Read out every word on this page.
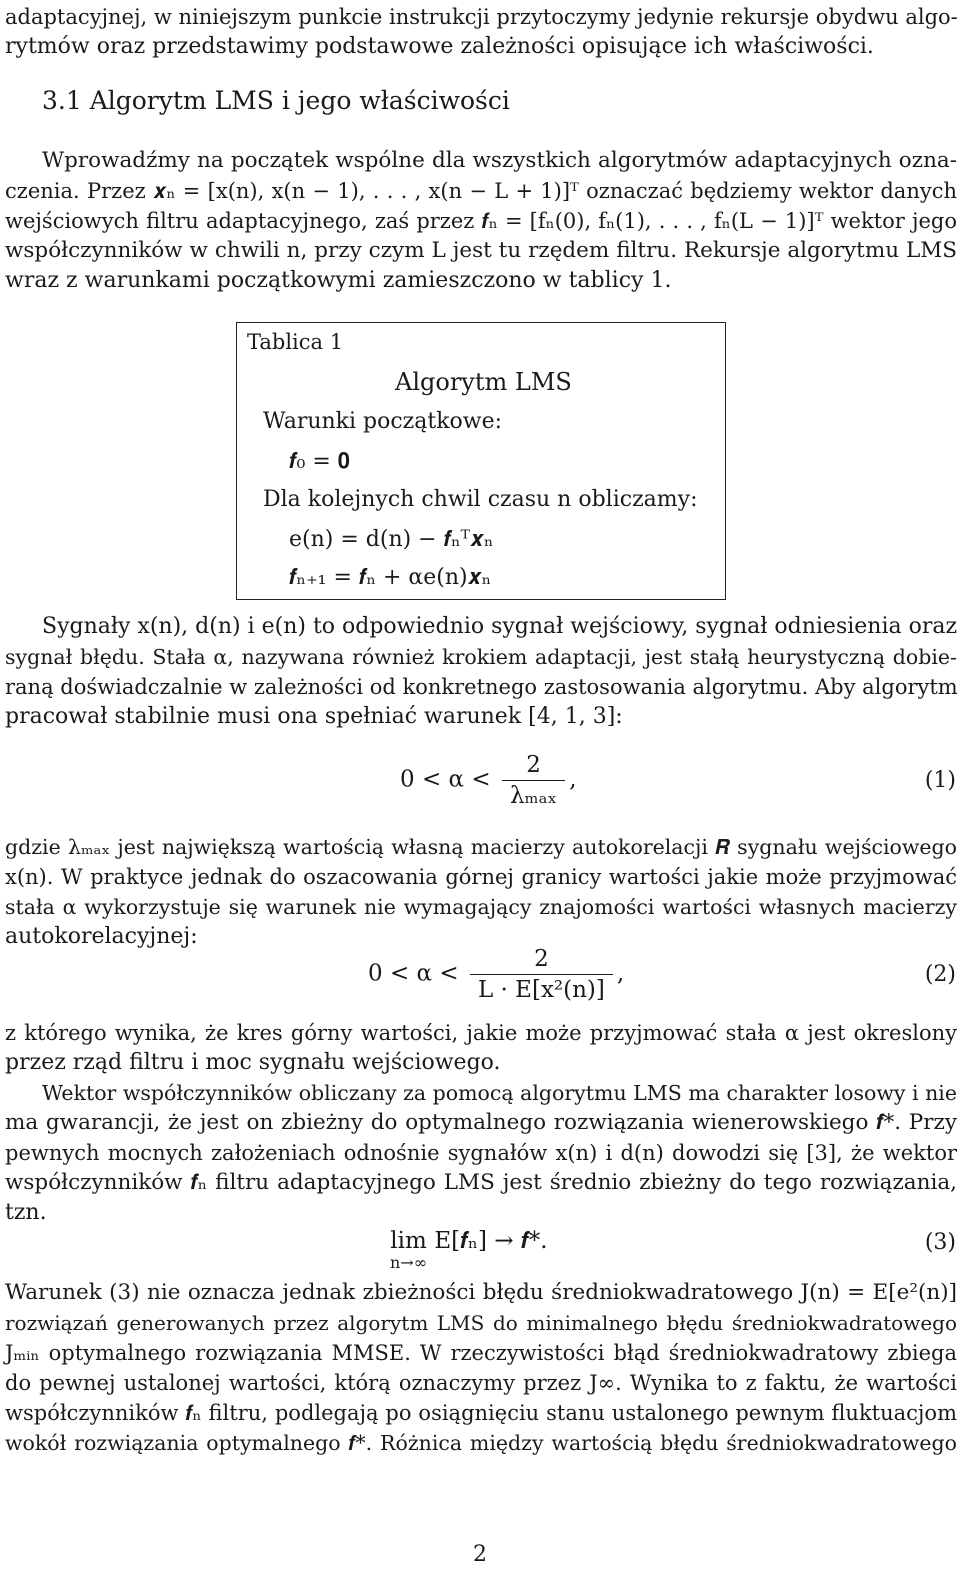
adaptacyjnej, w niniejszym punkcie instrukcji przytoczymy jedynie rekursje obydwu algo-
rytmów oraz przedstawimy podstawowe zależności opisujące ich właściwości.
3.1 Algorytm LMS i jego właściwości
Wprowadźmy na początek wspólne dla wszystkich algorytmów adaptacyjnych ozna-
czenia. Przez 𝒙ₙ = [x(n), x(n − 1), . . . , x(n − L + 1)]ᵀ oznaczać będziemy wektor danych
wejściowych filtru adaptacyjnego, zaś przez 𝒇ₙ = [fₙ(0), fₙ(1), . . . , fₙ(L − 1)]ᵀ wektor jego
współczynników w chwili n, przy czym L jest tu rzędem filtru. Rekursje algorytmu LMS
wraz z warunkami początkowymi zamieszczono w tablicy 1.
Tablica 1
Algorytm LMS
Warunki początkowe:
𝒇₀ = 𝟎
Dla kolejnych chwil czasu n obliczamy:
e(n) = d(n) − 𝒇ₙᵀ𝒙ₙ
𝒇ₙ₊₁ = 𝒇ₙ + αe(n)𝒙ₙ
Sygnały x(n), d(n) i e(n) to odpowiednio sygnał wejściowy, sygnał odniesienia oraz
sygnał błędu. Stała α, nazywana również krokiem adaptacji, jest stałą heurystyczną dobie-
raną doświadczalnie w zależności od konkretnego zastosowania algorytmu. Aby algorytm
pracował stabilnie musi ona spełniać warunek [4, 1, 3]:
$0 < \alpha < \frac{2}{\text{λₘₐₓ}}$ ,	(1)
gdzie λₘₐₓ jest największą wartością własną macierzy autokorelacji 𝑹 sygnału wejściowego
x(n). W praktyce jednak do oszacowania górnej granicy wartości jakie może przyjmować
stała α wykorzystuje się warunek nie wymagający znajomości wartości własnych macierzy
autokorelacyjnej:
$0 < \alpha < \frac{2}{\text{L · E[x²(n)]}}$ ,	(2)
z którego wynika, że kres górny wartości, jakie może przyjmować stała α jest okreslony
przez rząd filtru i moc sygnału wejściowego.
Wektor współczynników obliczany za pomocą algorytmu LMS ma charakter losowy i nie
ma gwarancji, że jest on zbieżny do optymalnego rozwiązania wienerowskiego 𝒇*. Przy
pewnych mocnych założeniach odnośnie sygnałów x(n) i d(n) dowodzi się [3], że wektor
współczynników 𝒇ₙ filtru adaptacyjnego LMS jest średnio zbieżny do tego rozwiązania,
tzn.
lim
n→∞
E[𝒇ₙ] → 𝒇*.	(3)
Warunek (3) nie oznacza jednak zbieżności błędu średniokwadratowego J(n) = E[e²(n)]
rozwiązań generowanych przez algorytm LMS do minimalnego błędu średniokwadratowego
Jₘᵢₙ optymalnego rozwiązania MMSE. W rzeczywistości błąd średniokwadratowy zbiega
do pewnej ustalonej wartości, którą oznaczymy przez J∞. Wynika to z faktu, że wartości
współczynników 𝒇ₙ filtru, podlegają po osiągnięciu stanu ustalonego pewnym fluktuacjom
wokół rozwiązania optymalnego 𝒇*. Różnica między wartością błędu średniokwadratowego
2
